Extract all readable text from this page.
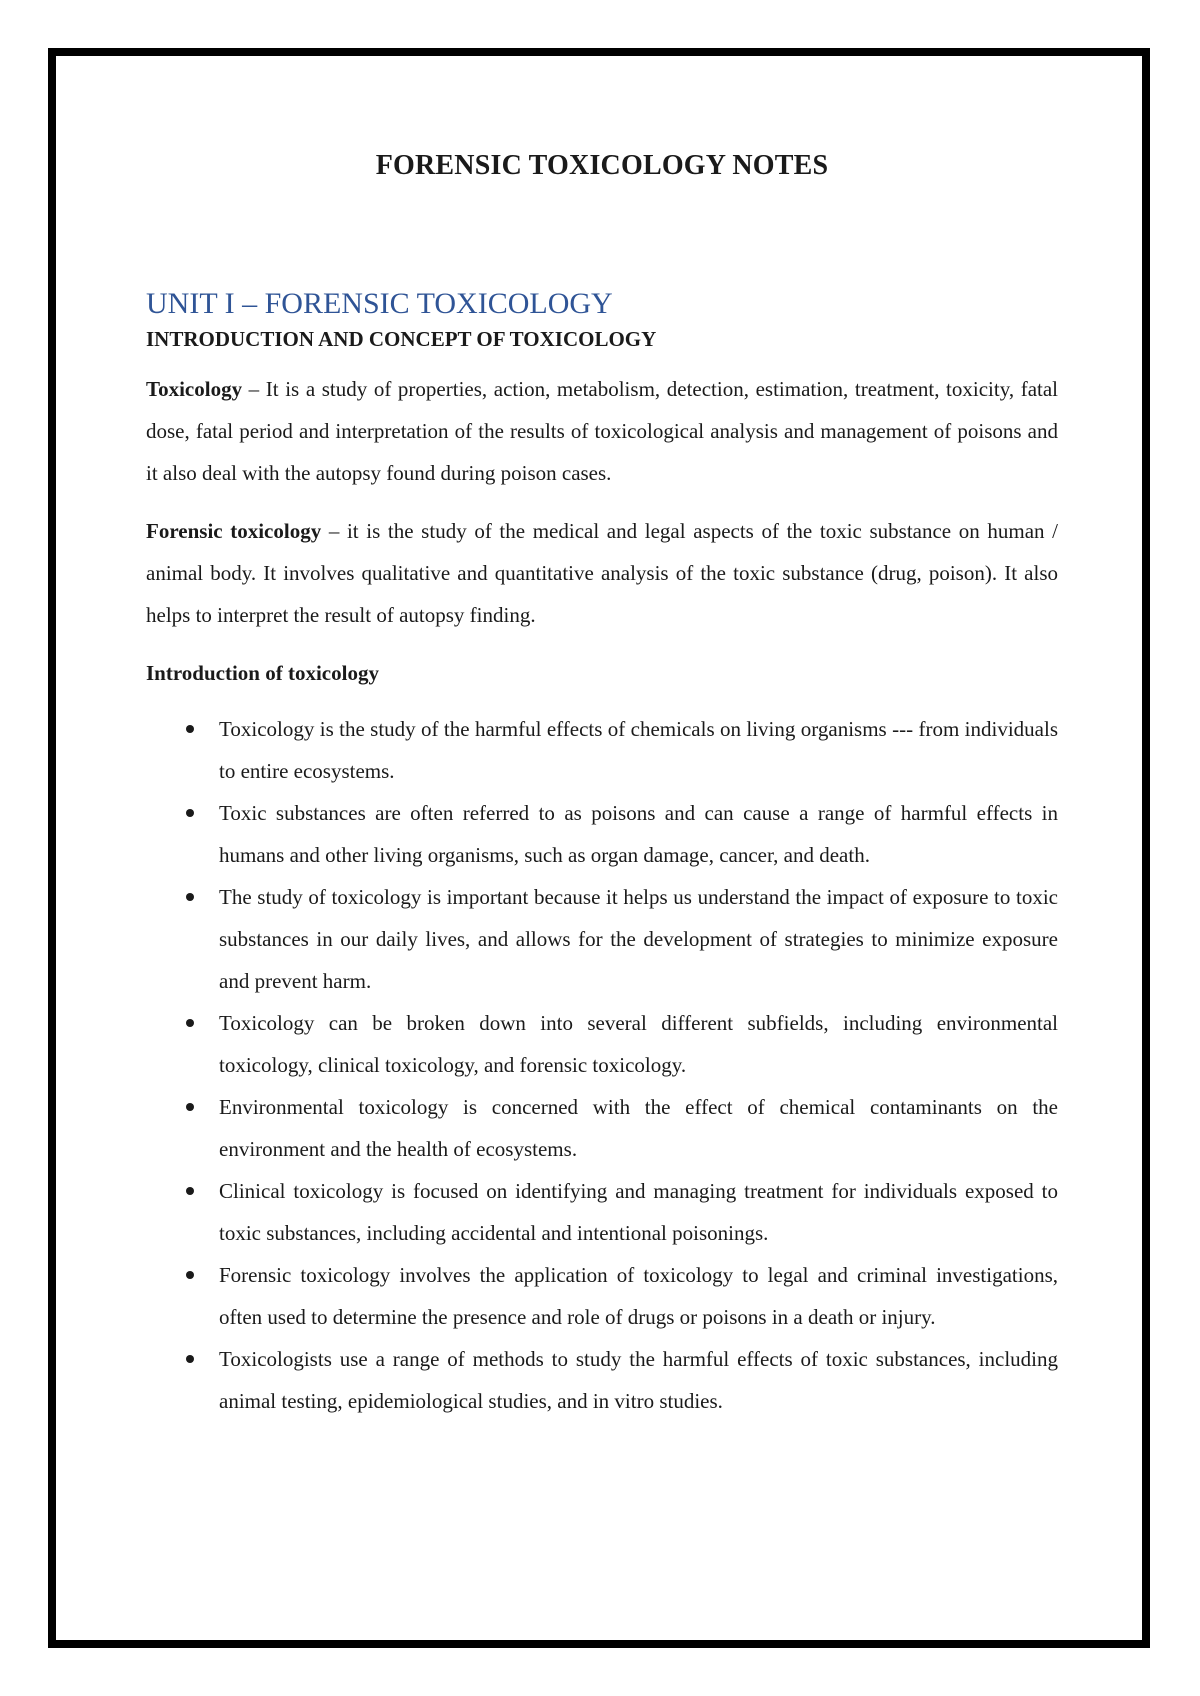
FORENSIC TOXICOLOGY NOTES
UNIT I – FORENSIC TOXICOLOGY
INTRODUCTION AND CONCEPT OF TOXICOLOGY

Toxicology – It is a study of properties, action, metabolism, detection, estimation, treatment, toxicity, fatal dose, fatal period and interpretation of the results of toxicological analysis and management of poisons and it also deal with the autopsy found during poison cases.

Forensic toxicology – it is the study of the medical and legal aspects of the toxic substance on human / animal body. It involves qualitative and quantitative analysis of the toxic substance (drug, poison). It also helps to interpret the result of autopsy finding.

Introduction of toxicology
Toxicology is the study of the harmful effects of chemicals on living organisms --- from individuals to entire ecosystems.
Toxic substances are often referred to as poisons and can cause a range of harmful effects in humans and other living organisms, such as organ damage, cancer, and death.
The study of toxicology is important because it helps us understand the impact of exposure to toxic substances in our daily lives, and allows for the development of strategies to minimize exposure and prevent harm.
Toxicology can be broken down into several different subfields, including environmental toxicology, clinical toxicology, and forensic toxicology.
Environmental toxicology is concerned with the effect of chemical contaminants on the environment and the health of ecosystems.
Clinical toxicology is focused on identifying and managing treatment for individuals exposed to toxic substances, including accidental and intentional poisonings.
Forensic toxicology involves the application of toxicology to legal and criminal investigations, often used to determine the presence and role of drugs or poisons in a death or injury.
Toxicologists use a range of methods to study the harmful effects of toxic substances, including animal testing, epidemiological studies, and in vitro studies.
